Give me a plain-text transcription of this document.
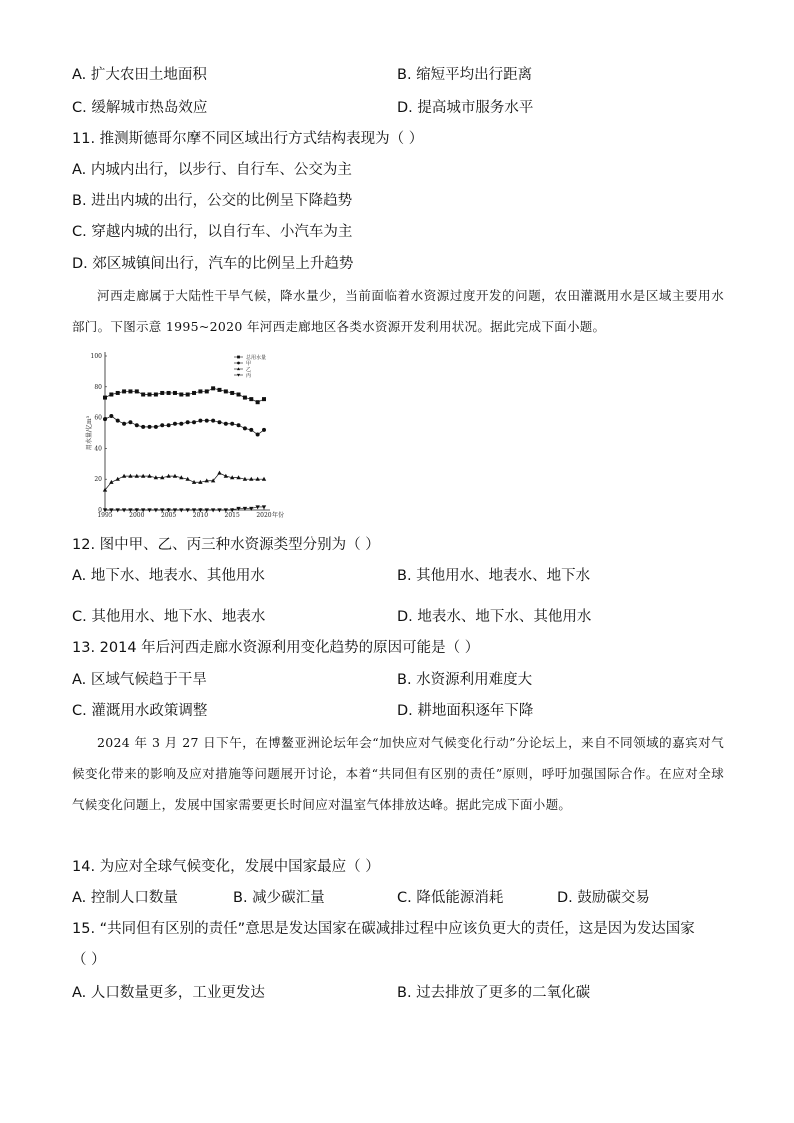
A. 扩大农田土地面积	B. 缩短平均出行距离
C. 缓解城市热岛效应	D. 提高城市服务水平
11. 推测斯德哥尔摩不同区域出行方式结构表现为（ ）
A. 内城内出行，以步行、自行车、公交为主
B. 进出内城的出行，公交的比例呈下降趋势
C. 穿越内城的出行，以自行车、小汽车为主
D. 郊区城镇间出行，汽车的比例呈上升趋势
河西走廊属于大陆性干旱气候，降水量少，当前面临着水资源过度开发的问题，农田灌溉用水是区域主要用水部门。下图示意 1995~2020 年河西走廊地区各类水资源开发利用状况。据此完成下面小题。
0
20
40
60
80
100
1995	2000	2005	2010	2015	2020 年份
用水量/亿m³
总用水量
甲
乙
丙
12. 图中甲、乙、丙三种水资源类型分别为（ ）
A. 地下水、地表水、其他用水	B. 其他用水、地表水、地下水
C. 其他用水、地下水、地表水	D. 地表水、地下水、其他用水
13. 2014 年后河西走廊水资源利用变化趋势的原因可能是（ ）
A. 区域气候趋于干旱	B. 水资源利用难度大
C. 灌溉用水政策调整	D. 耕地面积逐年下降
2024 年 3 月 27 日下午，在博鳌亚洲论坛年会“加快应对气候变化行动”分论坛上，来自不同领域的嘉宾对气候变化带来的影响及应对措施等问题展开讨论，本着“共同但有区别的责任”原则，呼吁加强国际合作。在应对全球气候变化问题上，发展中国家需要更长时间应对温室气体排放达峰。据此完成下面小题。
14. 为应对全球气候变化，发展中国家最应（ ）
A. 控制人口数量	B. 减少碳汇量	C. 降低能源消耗	D. 鼓励碳交易
15. “共同但有区别的责任”意思是发达国家在碳减排过程中应该负更大的责任，这是因为发达国家
（ ）
A. 人口数量更多，工业更发达	B. 过去排放了更多的二氧化碳
